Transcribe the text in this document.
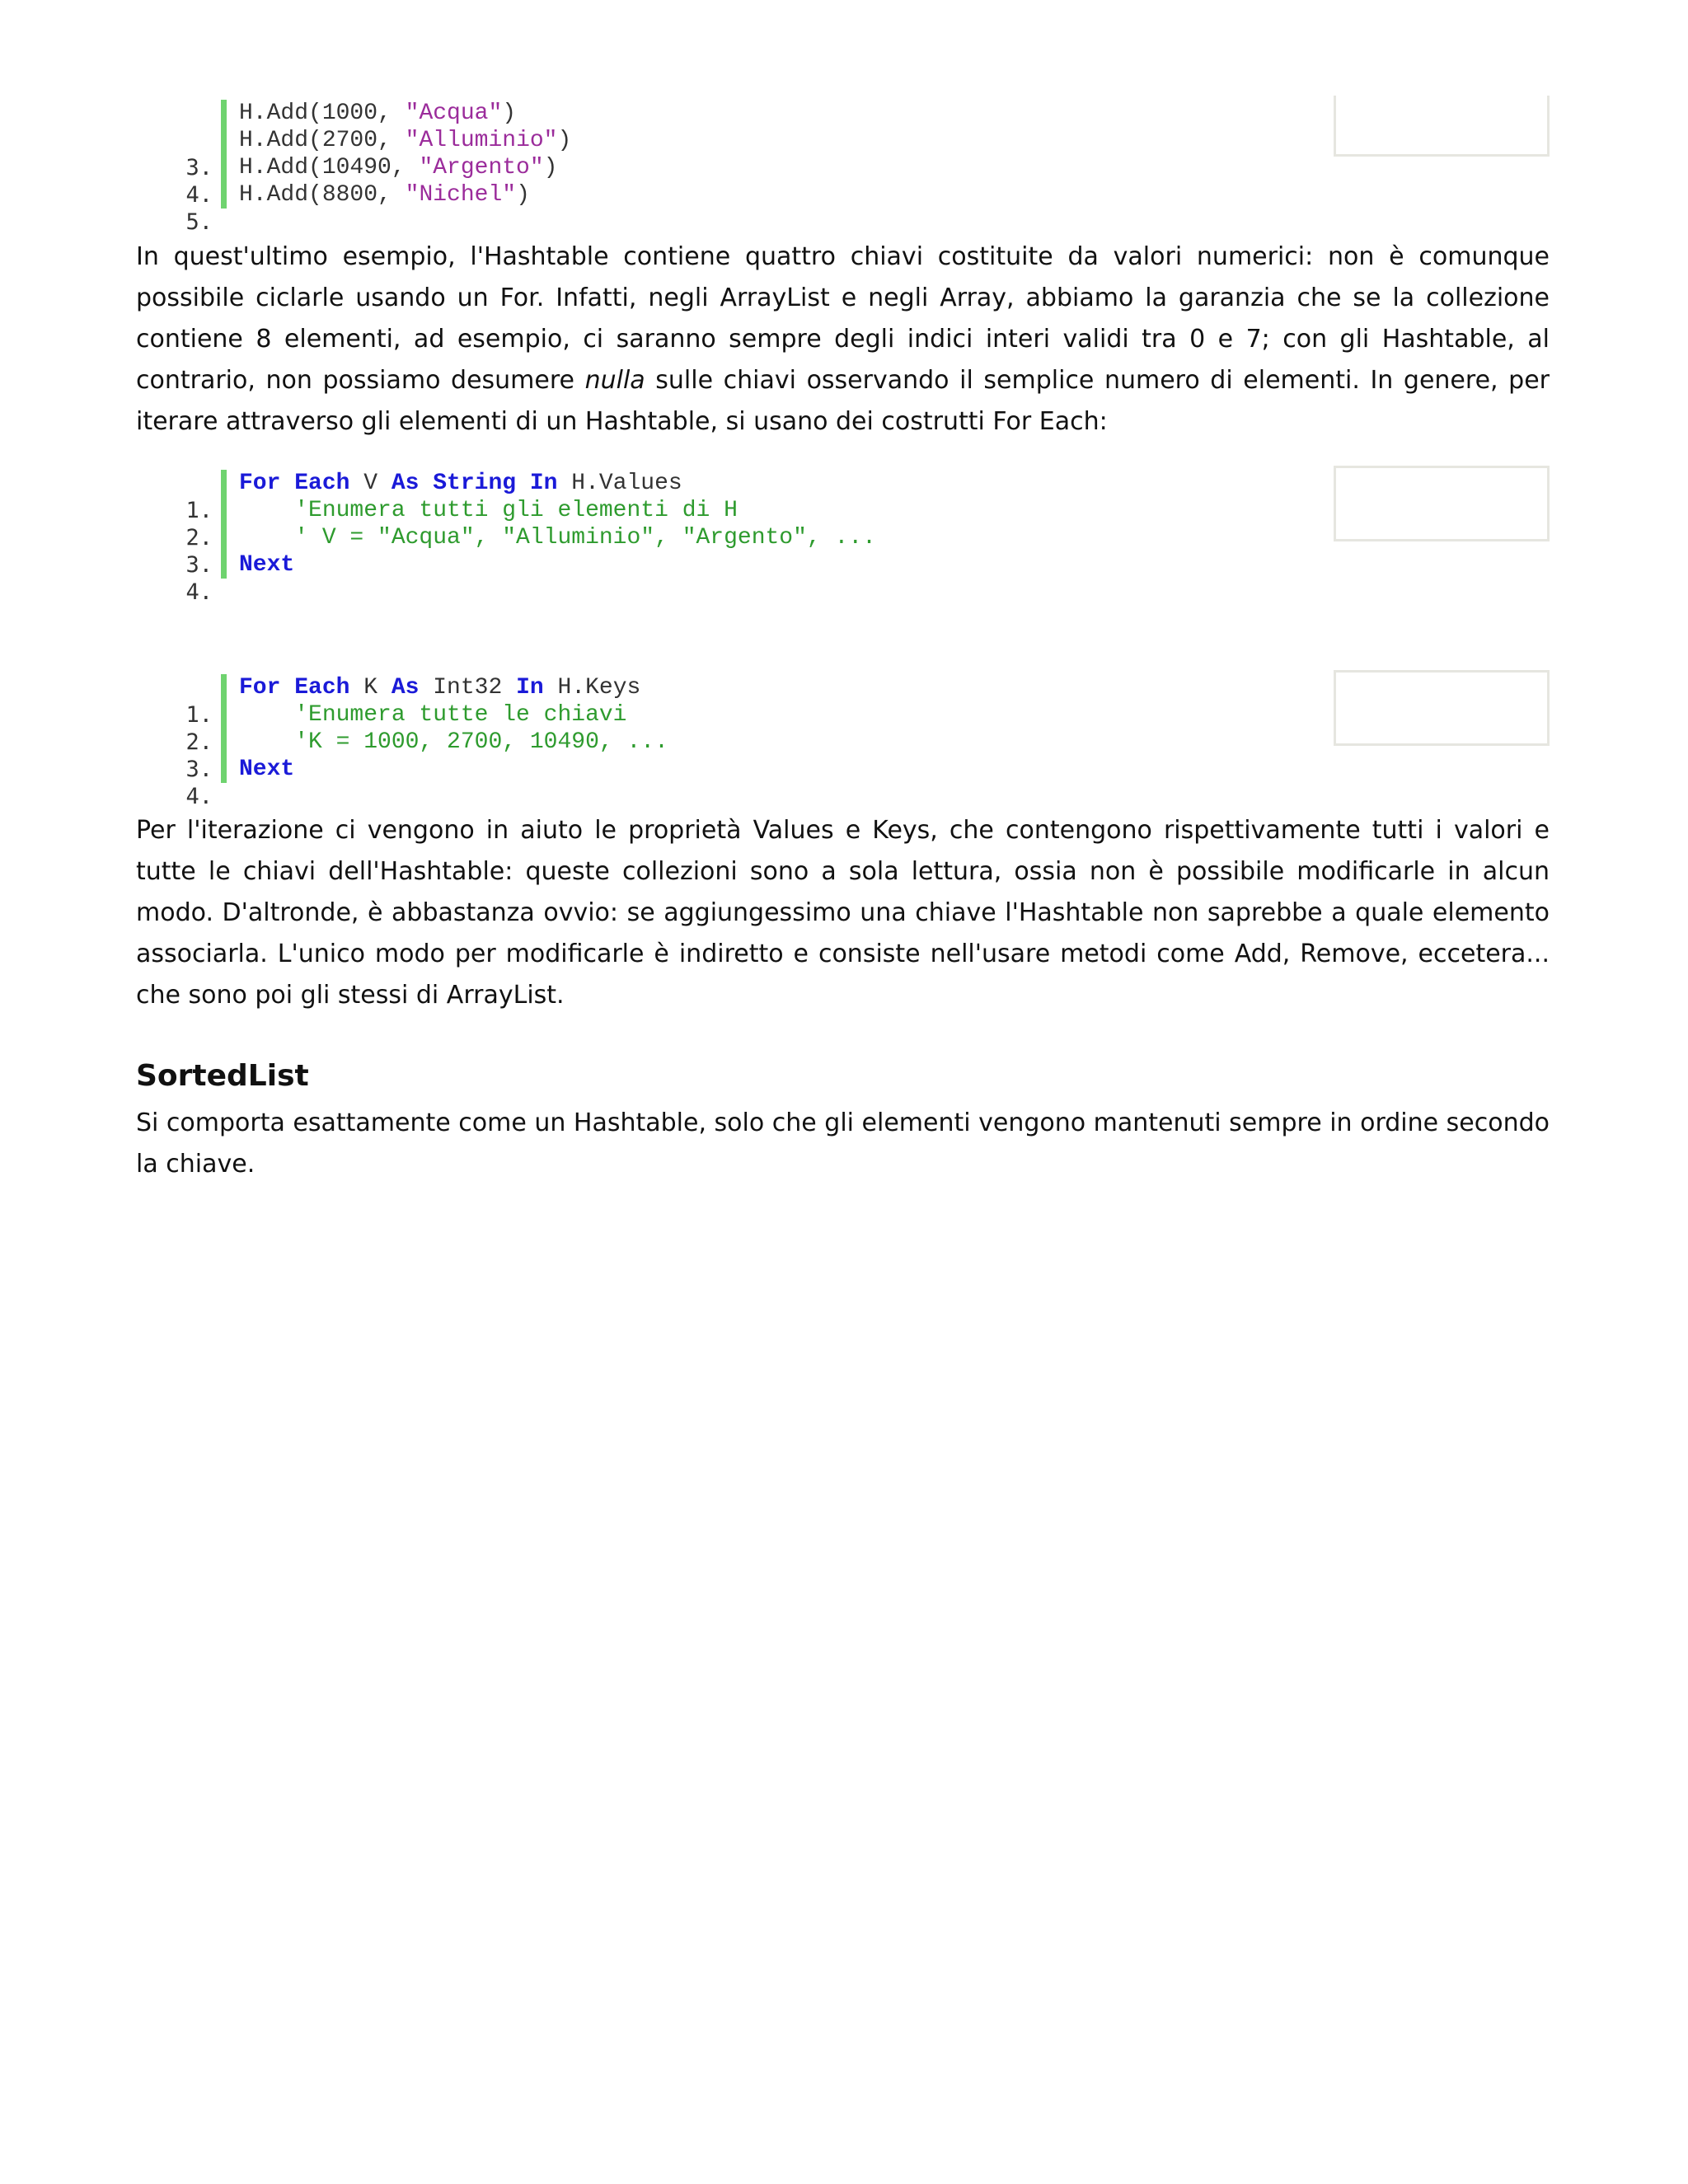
H.Add(1000, "Acqua")

3.

H.Add(2700, "Alluminio")

4.

H.Add(10490, "Argento")

5.

H.Add(8800, "Nichel")

In quest'ultimo esempio, l'Hashtable contiene quattro chiavi costituite da valori numerici: non è comunque possibile ciclarle usando un For. Infatti, negli ArrayList e negli Array, abbiamo la garanzia che se la collezione contiene 8 elementi, ad esempio, ci saranno sempre degli indici interi validi tra 0 e 7; con gli Hashtable, al contrario, non possiamo desumere nulla sulle chiavi osservando il semplice numero di elementi. In genere, per iterare attraverso gli elementi di un Hashtable, si usano dei costrutti For Each:

1.

For Each V As String In H.Values

2.

'Enumera tutti gli elementi di H

3.

' V = "Acqua", "Alluminio", "Argento", ...

4.

Next

1.

For Each K As Int32 In H.Keys

2.

'Enumera tutte le chiavi

3.

'K = 1000, 2700, 10490, ...

4.

Next

Per l'iterazione ci vengono in aiuto le proprietà Values e Keys, che contengono rispettivamente tutti i valori e tutte le chiavi dell'Hashtable: queste collezioni sono a sola lettura, ossia non è possibile modificarle in alcun modo. D'altronde, è abbastanza ovvio: se aggiungessimo una chiave l'Hashtable non saprebbe a quale elemento associarla. L'unico modo per modificarle è indiretto e consiste nell'usare metodi come Add, Remove, eccetera... che sono poi gli stessi di ArrayList.

SortedList

Si comporta esattamente come un Hashtable, solo che gli elementi vengono mantenuti sempre in ordine secondo la chiave.
